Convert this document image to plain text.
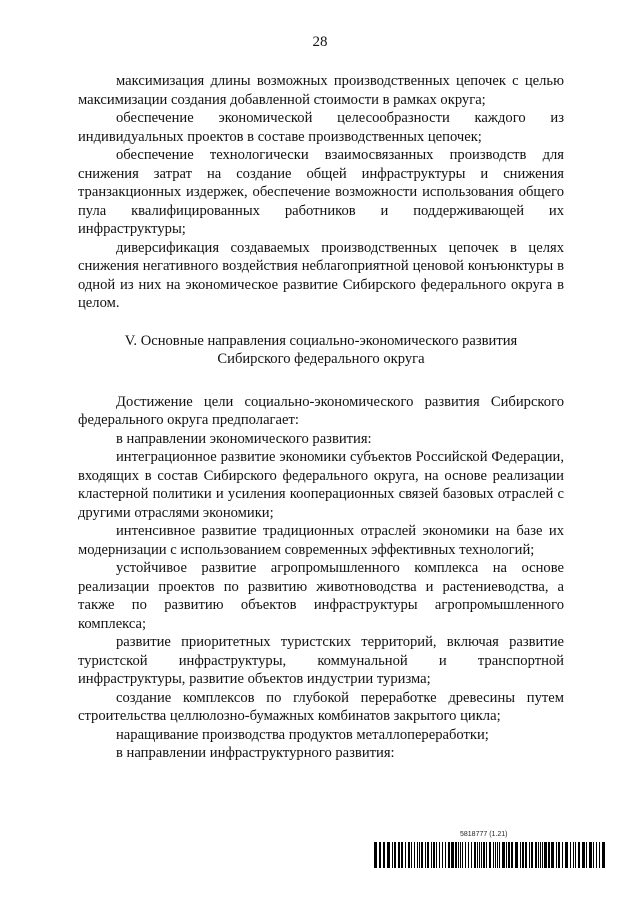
28

максимизация длины возможных производственных цепочек с целью максимизации создания добавленной стоимости в рамках округа;

обеспечение экономической целесообразности каждого из индивидуальных проектов в составе производственных цепочек;

обеспечение технологически взаимосвязанных производств для снижения затрат на создание общей инфраструктуры и снижения транзакционных издержек, обеспечение возможности использования общего пула квалифицированных работников и поддерживающей их инфраструктуры;

диверсификация создаваемых производственных цепочек в целях снижения негативного воздействия неблагоприятной ценовой конъюнктуры в одной из них на экономическое развитие Сибирского федерального округа в целом.

V. Основные направления социально-экономического развития
Сибирского федерального округа

Достижение цели социально-экономического развития Сибирского федерального округа предполагает:

в направлении экономического развития:

интеграционное развитие экономики субъектов Российской Федерации, входящих в состав Сибирского федерального округа, на основе реализации кластерной политики и усиления кооперационных связей базовых отраслей с другими отраслями экономики;

интенсивное развитие традиционных отраслей экономики на базе их модернизации с использованием современных эффективных технологий;

устойчивое развитие агропромышленного комплекса на основе реализации проектов по развитию животноводства и растениеводства, а также по развитию объектов инфраструктуры агропромышленного комплекса;

развитие приоритетных туристских территорий, включая развитие туристской инфраструктуры, коммунальной и транспортной инфраструктуры, развитие объектов индустрии туризма;

создание комплексов по глубокой переработке древесины путем строительства целлюлозно-бумажных комбинатов закрытого цикла;

наращивание производства продуктов металлопереработки;

в направлении инфраструктурного развития:

5818777 (1.21)
